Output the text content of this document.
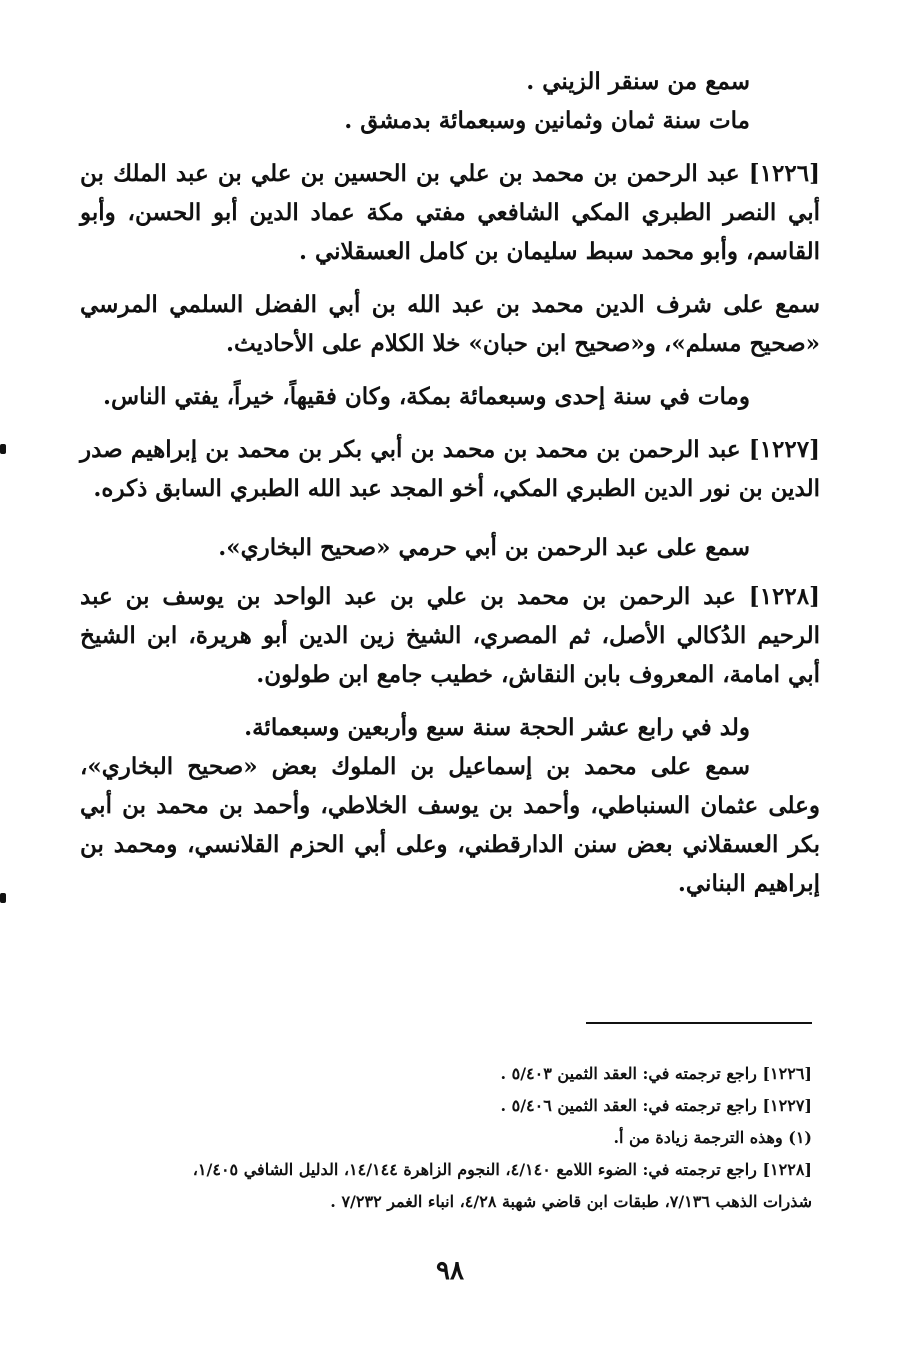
سمع من سنقر الزيني .

مات سنة ثمان وثمانين وسبعمائة بدمشق .

[١٢٢٦] عبد الرحمن بن محمد بن علي بن الحسين بن علي بن عبد الملك بن أبي النصر الطبري المكي الشافعي مفتي مكة عماد الدين أبو الحسن، وأبو القاسم، وأبو محمد سبط سليمان بن كامل العسقلاني .

سمع على شرف الدين محمد بن عبد الله بن أبي الفضل السلمي المرسي «صحيح مسلم»، و«صحيح ابن حبان» خلا الكلام على الأحاديث.

ومات في سنة إحدى وسبعمائة بمكة، وكان فقيهاً، خيراً، يفتي الناس.

[١٢٢٧] عبد الرحمن بن محمد بن محمد بن أبي بكر بن محمد بن إبراهيم صدر الدين بن نور الدين الطبري المكي، أخو المجد عبد الله الطبري السابق ذكره.

سمع على عبد الرحمن بن أبي حرمي «صحيح البخاري».

[١٢٢٨] عبد الرحمن بن محمد بن علي بن عبد الواحد بن يوسف بن عبد الرحيم الدُكالي الأصل، ثم المصري، الشيخ زين الدين أبو هريرة، ابن الشيخ أبي امامة، المعروف بابن النقاش، خطيب جامع ابن طولون.

ولد في رابع عشر الحجة سنة سبع وأربعين وسبعمائة.

سمع على محمد بن إسماعيل بن الملوك بعض «صحيح البخاري»، وعلى عثمان السنباطي، وأحمد بن يوسف الخلاطي، وأحمد بن محمد بن أبي بكر العسقلاني بعض سنن الدارقطني، وعلى أبي الحزم القلانسي، ومحمد بن إبراهيم البناني.

[١٢٢٦] راجع ترجمته في: العقد الثمين ٥/٤٠٣ .

[١٢٢٧] راجع ترجمته في: العقد الثمين ٥/٤٠٦ .

(١) وهذه الترجمة زيادة من أ.

[١٢٢٨] راجع ترجمته في: الضوء اللامع ٤/١٤٠، النجوم الزاهرة ١٤/١٤٤، الدليل الشافي ١/٤٠٥،

شذرات الذهب ٧/١٣٦، طبقات ابن قاضي شهبة ٤/٢٨، انباء الغمر ٧/٢٣٢ .

٩٨
